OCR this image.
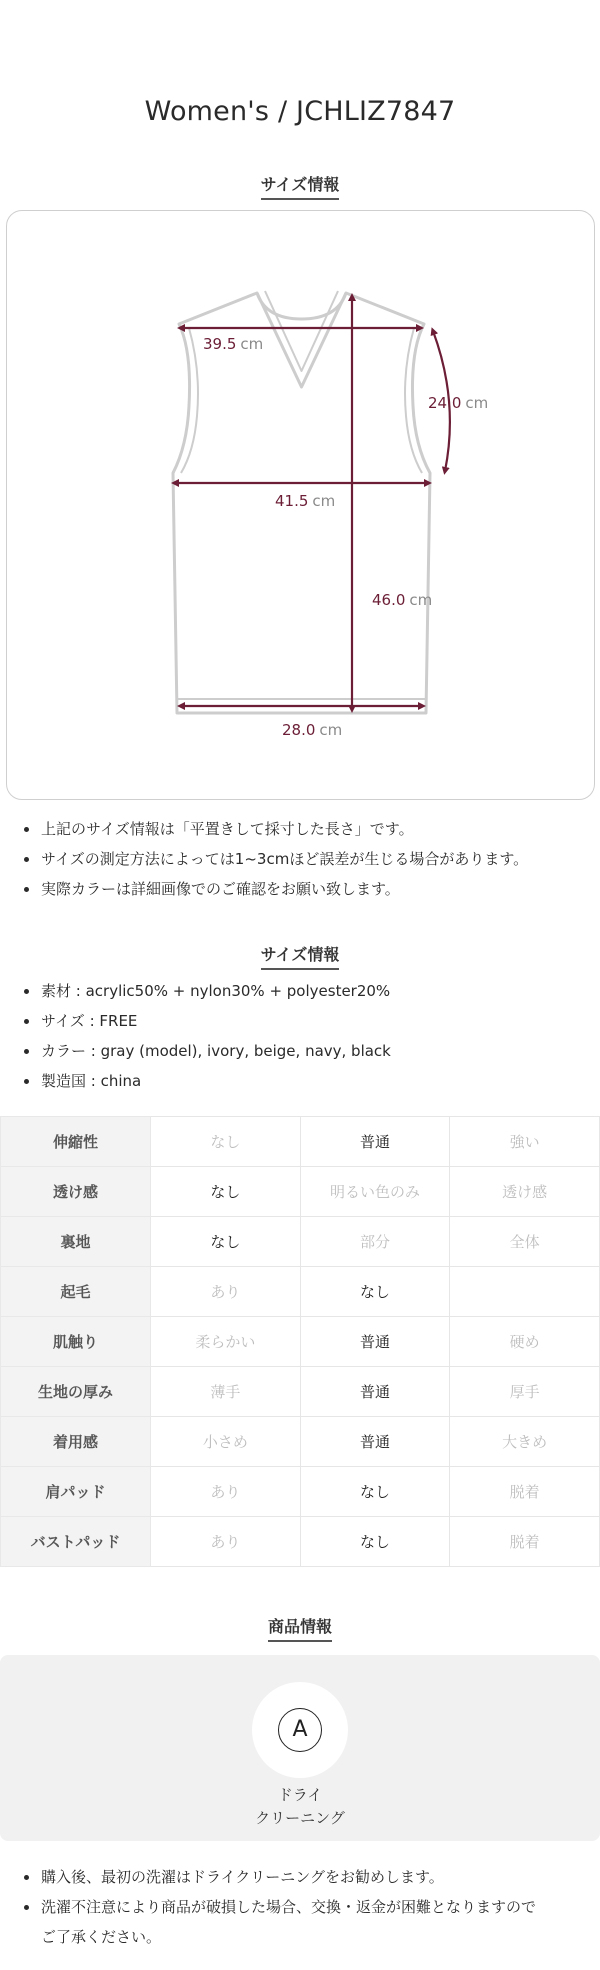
Women's / JCHLIZ7847
サイズ情報
39.5 cm
24.0 cm
41.5 cm
46.0 cm
28.0 cm
上記のサイズ情報は「平置きして採寸した長さ」です。
サイズの測定方法によっては1~3cmほど誤差が生じる場合があります。
実際カラーは詳細画像でのご確認をお願い致します。
サイズ情報
素材 : acrylic50% + nylon30% + polyester20%
サイズ : FREE
カラー : gray (model), ivory, beige, navy, black
製造国 : china
伸縮性	なし	普通	強い
透け感	なし	明るい色のみ	透け感
裏地	なし	部分	全体
起毛	あり	なし	
肌触り	柔らかい	普通	硬め
生地の厚み	薄手	普通	厚手
着用感	小さめ	普通	大きめ
肩パッド	あり	なし	脱着
バストパッド	あり	なし	脱着
商品情報
A
ドライ
クリーニング
購入後、最初の洗濯はドライクリーニングをお勧めします。
洗濯不注意により商品が破損した場合、交換・返金が困難となりますので
ご了承ください。
